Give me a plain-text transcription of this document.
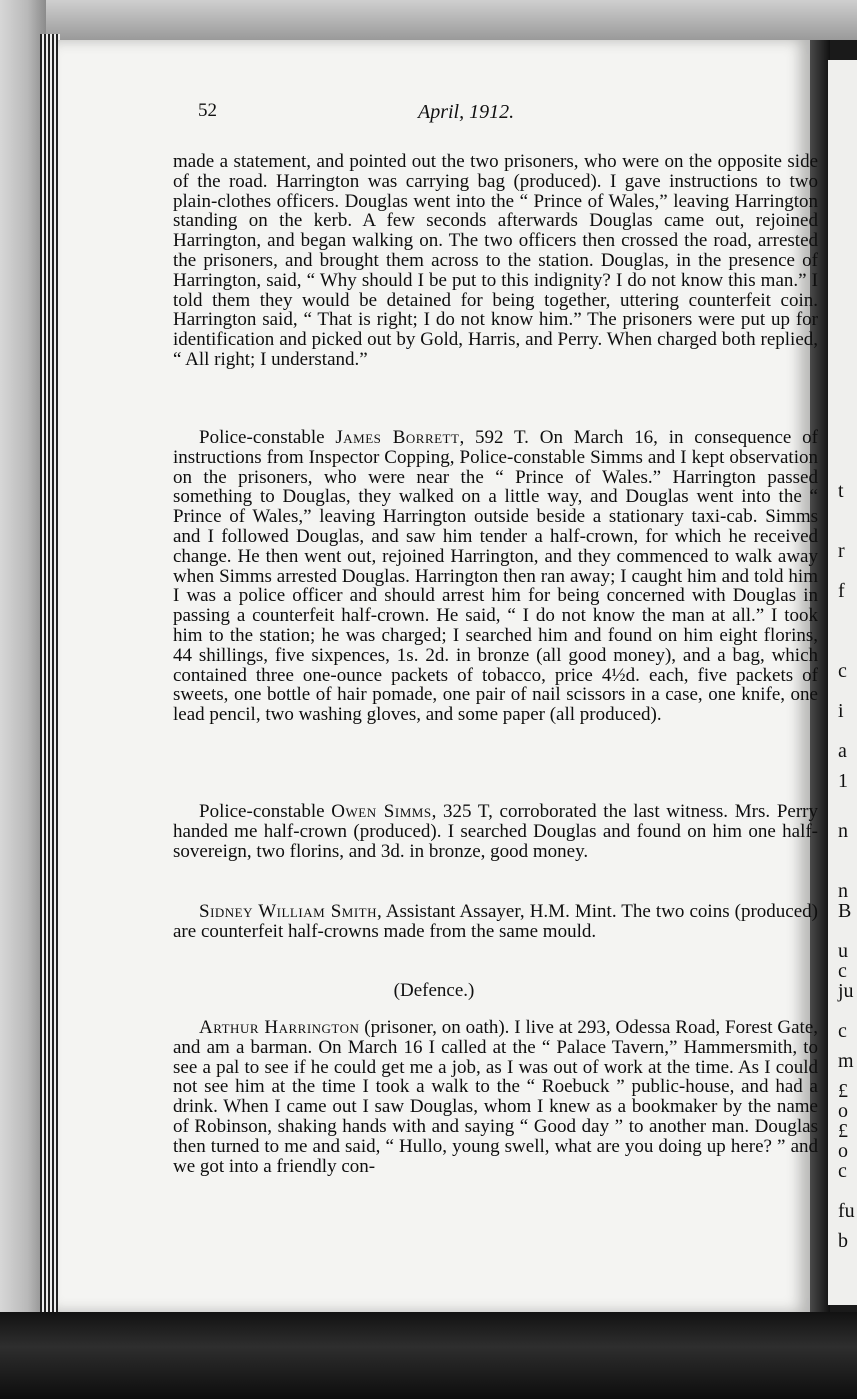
t
r
f
c
i
a
1
n
n
B
u
c
ju
c
m
£
o
£
o
c
fu
b
52	April, 1912.
made a statement, and pointed out the two prisoners, who were on the opposite side of the road. Harrington was carrying bag (produced). I gave instructions to two plain-clothes officers. Douglas went into the “ Prince of Wales,” leaving Harrington standing on the kerb. A few seconds afterwards Douglas came out, rejoined Harrington, and began walking on. The two officers then crossed the road, arrested the prisoners, and brought them across to the station. Douglas, in the presence of Harrington, said, “ Why should I be put to this indignity? I do not know this man.” I told them they would be detained for being together, uttering counterfeit coin. Harrington said, “ That is right; I do not know him.” The prisoners were put up for identification and picked out by Gold, Harris, and Perry. When charged both replied, “ All right; I understand.”
Police-constable James Borrett, 592 T. On March 16, in consequence of instructions from Inspector Copping, Police-constable Simms and I kept observation on the prisoners, who were near the “ Prince of Wales.” Harrington passed something to Douglas, they walked on a little way, and Douglas went into the “ Prince of Wales,” leaving Harrington outside beside a stationary taxi-cab. Simms and I followed Douglas, and saw him tender a half-crown, for which he received change. He then went out, rejoined Harrington, and they commenced to walk away when Simms arrested Douglas. Harrington then ran away; I caught him and told him I was a police officer and should arrest him for being concerned with Douglas in passing a counterfeit half-crown. He said, “ I do not know the man at all.” I took him to the station; he was charged; I searched him and found on him eight florins, 44 shillings, five sixpences, 1s. 2d. in bronze (all good money), and a bag, which contained three one-ounce packets of tobacco, price 4½d. each, five packets of sweets, one bottle of hair pomade, one pair of nail scissors in a case, one knife, one lead pencil, two washing gloves, and some paper (all produced).
Police-constable Owen Simms, 325 T, corroborated the last witness. Mrs. Perry handed me half-crown (produced). I searched Douglas and found on him one half-sovereign, two florins, and 3d. in bronze, good money.
Sidney William Smith, Assistant Assayer, H.M. Mint. The two coins (produced) are counterfeit half-crowns made from the same mould.
(Defence.)
Arthur Harrington (prisoner, on oath). I live at 293, Odessa Road, Forest Gate, and am a barman. On March 16 I called at the “ Palace Tavern,” Hammersmith, to see a pal to see if he could get me a job, as I was out of work at the time. As I could not see him at the time I took a walk to the “ Roebuck ” public-house, and had a drink. When I came out I saw Douglas, whom I knew as a bookmaker by the name of Robinson, shaking hands with and saying “ Good day ” to another man. Douglas then turned to me and said, “ Hullo, young swell, what are you doing up here? ” and we got into a friendly con-
